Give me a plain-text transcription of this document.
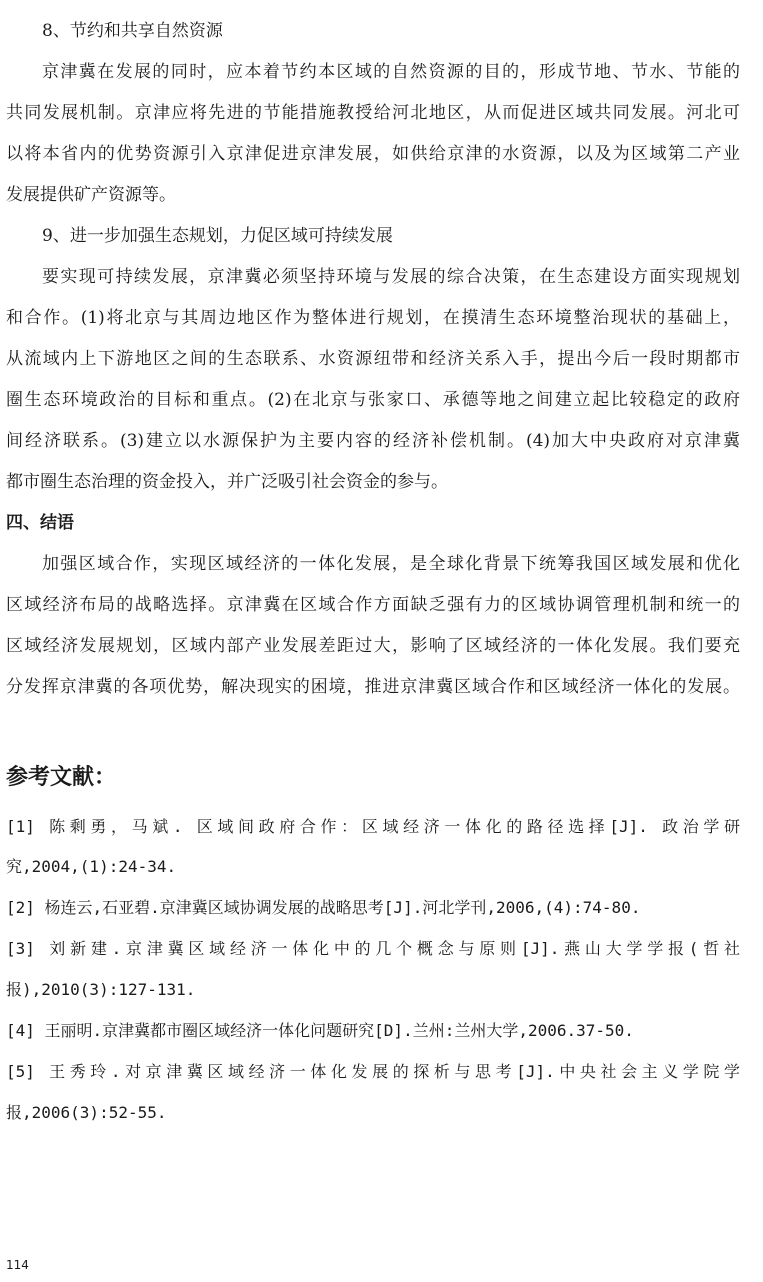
8、节约和共享自然资源
京津冀在发展的同时，应本着节约本区域的自然资源的目的，形成节地、节水、节能的
共同发展机制。京津应将先进的节能措施教授给河北地区，从而促进区域共同发展。河北可
以将本省内的优势资源引入京津促进京津发展，如供给京津的水资源，以及为区域第二产业
发展提供矿产资源等。
9、进一步加强生态规划，力促区域可持续发展
要实现可持续发展，京津冀必须坚持环境与发展的综合决策，在生态建设方面实现规划
和合作。(1)将北京与其周边地区作为整体进行规划，在摸清生态环境整治现状的基础上，
从流域内上下游地区之间的生态联系、水资源纽带和经济关系入手，提出今后一段时期都市
圈生态环境政治的目标和重点。(2)在北京与张家口、承德等地之间建立起比较稳定的政府
间经济联系。(3)建立以水源保护为主要内容的经济补偿机制。(4)加大中央政府对京津冀
都市圈生态治理的资金投入，并广泛吸引社会资金的参与。
四、结语
加强区域合作，实现区域经济的一体化发展，是全球化背景下统筹我国区域发展和优化
区域经济布局的战略选择。京津冀在区域合作方面缺乏强有力的区域协调管理机制和统一的
区域经济发展规划，区域内部产业发展差距过大，影响了区域经济的一体化发展。我们要充
分发挥京津冀的各项优势，解决现实的困境，推进京津冀区域合作和区域经济一体化的发展。
参考文献：
[1] 陈剩勇，马斌. 区域间政府合作：区域经济一体化的路径选择[J]. 政治学研
究,2004,(1):24-34.
[2] 杨连云,石亚碧.京津冀区域协调发展的战略思考[J].河北学刊,2006,(4):74-80.
[3] 刘新建.京津冀区域经济一体化中的几个概念与原则[J].燕山大学学报(哲社
报),2010(3):127-131.
[4] 王丽明.京津冀都市圈区域经济一体化问题研究[D].兰州:兰州大学,2006.37-50.
[5] 王秀玲.对京津冀区域经济一体化发展的探析与思考[J].中央社会主义学院学
报,2006(3):52-55.
114
